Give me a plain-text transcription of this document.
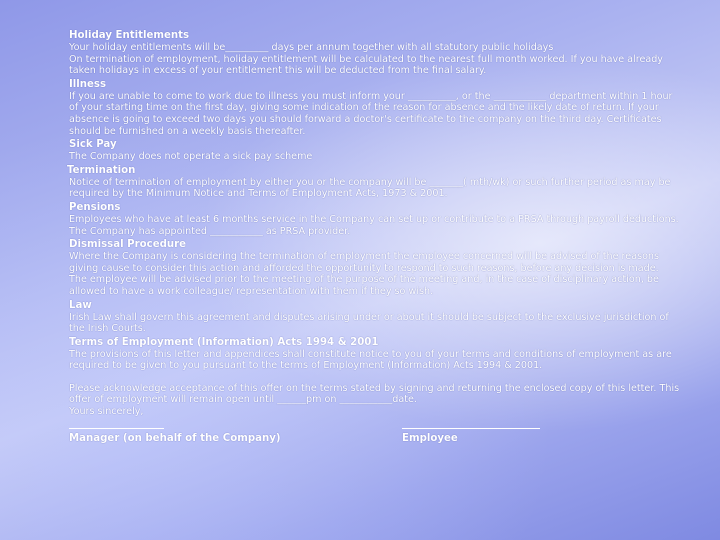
Holiday Entitlements

Your holiday entitlements will be_________ days per annum together with all statutory public holidays

On termination of employment, holiday entitlement will be calculated to the nearest full month worked. If you have already taken holidays in excess of your entitlement this will be deducted from the final salary.

Illness

If you are unable to come to work due to illness you must inform your __________, or the ___________ department within 1 hour of your starting time on the first day, giving some indication of the reason for absence and the likely date of return. If your absence is going to exceed two days you should forward a doctor's certificate to the company on the third day. Certificates should be furnished on a weekly basis thereafter.

Sick Pay

The Company does not operate a sick pay scheme

Termination

Notice of termination of employment by either you or the company will be _______( mth/wk) or such further period as may be required by the Minimum Notice and Terms of Employment Acts, 1973 & 2001.

Pensions

Employees who have at least 6 months service in the Company can set up or contribute to a PRSA through payroll deductions. The Company has appointed ___________ as PRSA provider.

Dismissal Procedure

Where the Company is considering the termination of employment the employee concerned will be advised of the reasons giving cause to consider this action and afforded the opportunity to respond to such reasons, before any decision is made.

The employee will be advised prior to the meeting of the purpose of the meeting and, in the case of disciplinary action, be allowed to have a work colleague/ representation with them if they so wish.

Law

Irish Law shall govern this agreement and disputes arising under or about it should be subject to the exclusive jurisdiction of the Irish Courts.

Terms of Employment (Information) Acts 1994 & 2001

The provisions of this letter and appendices shall constitute notice to you of your terms and conditions of employment as are required to be given to you pursuant to the terms of Employment (Information) Acts 1994 & 2001.

Please acknowledge acceptance of this offer on the terms stated by signing and returning the enclosed copy of this letter. This offer of employment will remain open until ______pm on ___________date.

Yours sincerely,

Manager (on behalf of the Company)	Employee
